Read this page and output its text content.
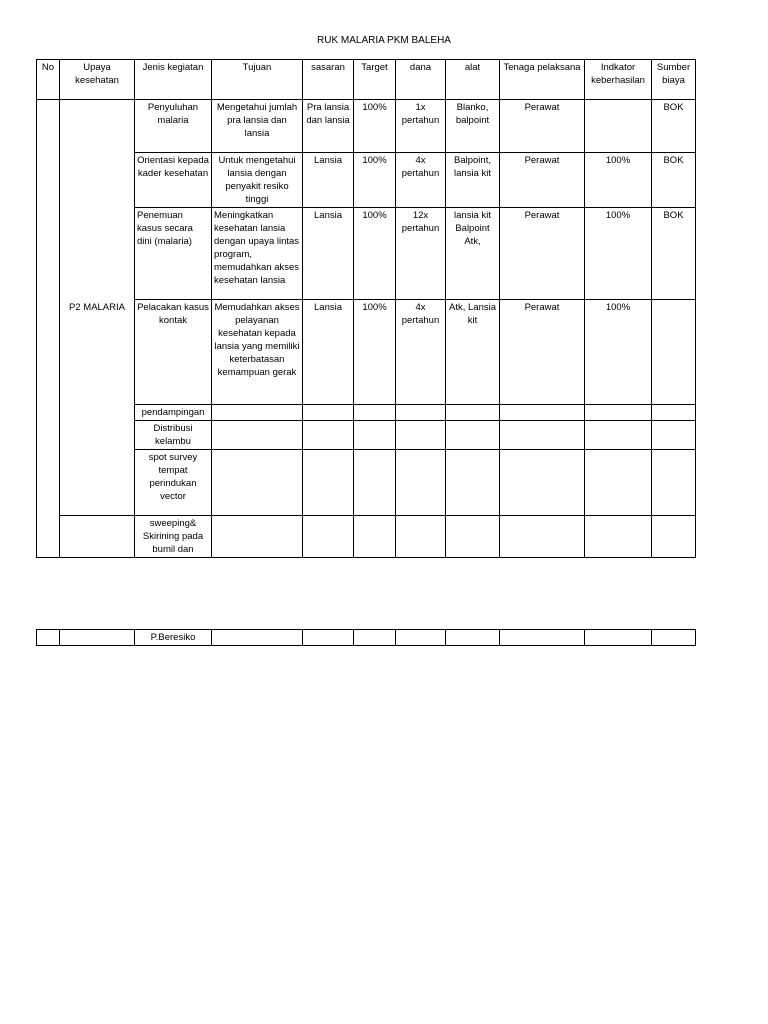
RUK MALARIA PKM BALEHA
No	Upaya kesehatan	Jenis kegiatan	Tujuan	sasaran	Target	dana	alat	Tenaga pelaksana	Indkator keberhasilan	Sumber biaya
	P2 MALARIA	Penyuluhan malaria	Mengetahui jumlah pra lansia dan lansia	Pra lansia dan lansia	100%	1x pertahun	Blanko, balpoint	Perawat		BOK
		Orientasi kepada kader kesehatan	Untuk mengetahui lansia dengan penyakit resiko tinggi	Lansia	100%	4x pertahun	Balpoint, lansia kit	Perawat	100%	BOK
		Penemuan kasus secara dini (malaria)	Meningkatkan kesehatan lansia dengan upaya lintas program, memudahkan akses kesehatan lansia	Lansia	100%	12x pertahun	lansia kit Balpoint Atk,	Perawat	100%	BOK
		Pelacakan kasus kontak	Memudahkan akses pelayanan kesehatan kepada lansia yang memiliki keterbatasan kemampuan gerak	Lansia	100%	4x pertahun	Atk, Lansia kit	Perawat	100%	
		pendampingan								
		Distribusi kelambu								
		spot survey tempat perindukan vector								
		sweeping& Skirining pada bumil dan								
		P.Beresiko								
